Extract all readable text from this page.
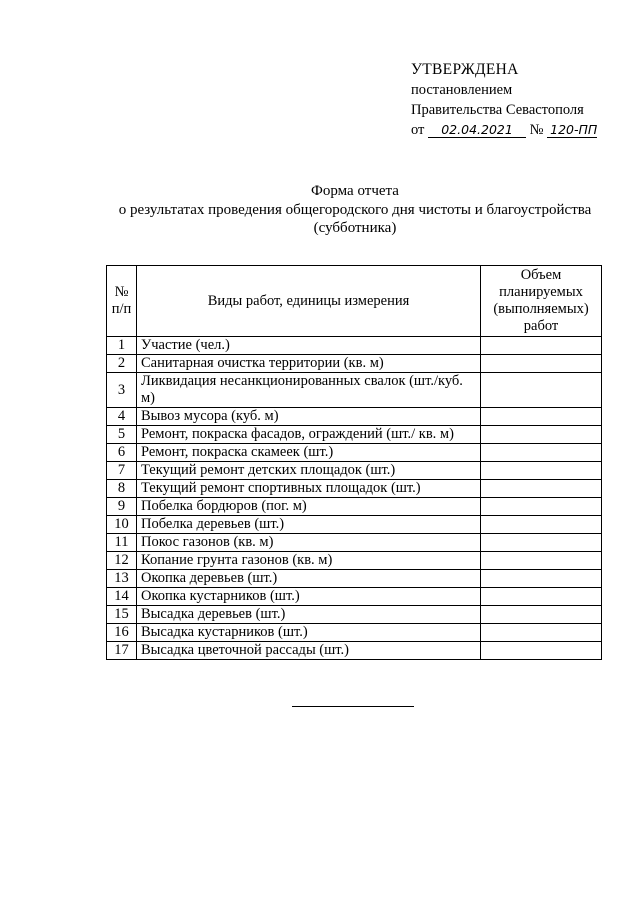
УТВЕРЖДЕНА
постановлением
Правительства Севастополя
от 02.04.2021 № 120-ПП
Форма отчета
о результатах проведения общегородского дня чистоты и благоустройства
(субботника)
№ п/п	Виды работ, единицы измерения	Объем планируемых (выполняемых) работ
1	Участие (чел.)	
2	Санитарная очистка территории (кв. м)	
3	Ликвидация несанкционированных свалок (шт./куб. м)	
4	Вывоз мусора (куб. м)	
5	Ремонт, покраска фасадов, ограждений (шт./ кв. м)	
6	Ремонт, покраска скамеек (шт.)	
7	Текущий ремонт детских площадок (шт.)	
8	Текущий ремонт спортивных площадок (шт.)	
9	Побелка бордюров (пог. м)	
10	Побелка деревьев (шт.)	
11	Покос газонов (кв. м)	
12	Копание грунта газонов (кв. м)	
13	Окопка деревьев (шт.)	
14	Окопка кустарников (шт.)	
15	Высадка деревьев (шт.)	
16	Высадка кустарников (шт.)	
17	Высадка цветочной рассады (шт.)	
